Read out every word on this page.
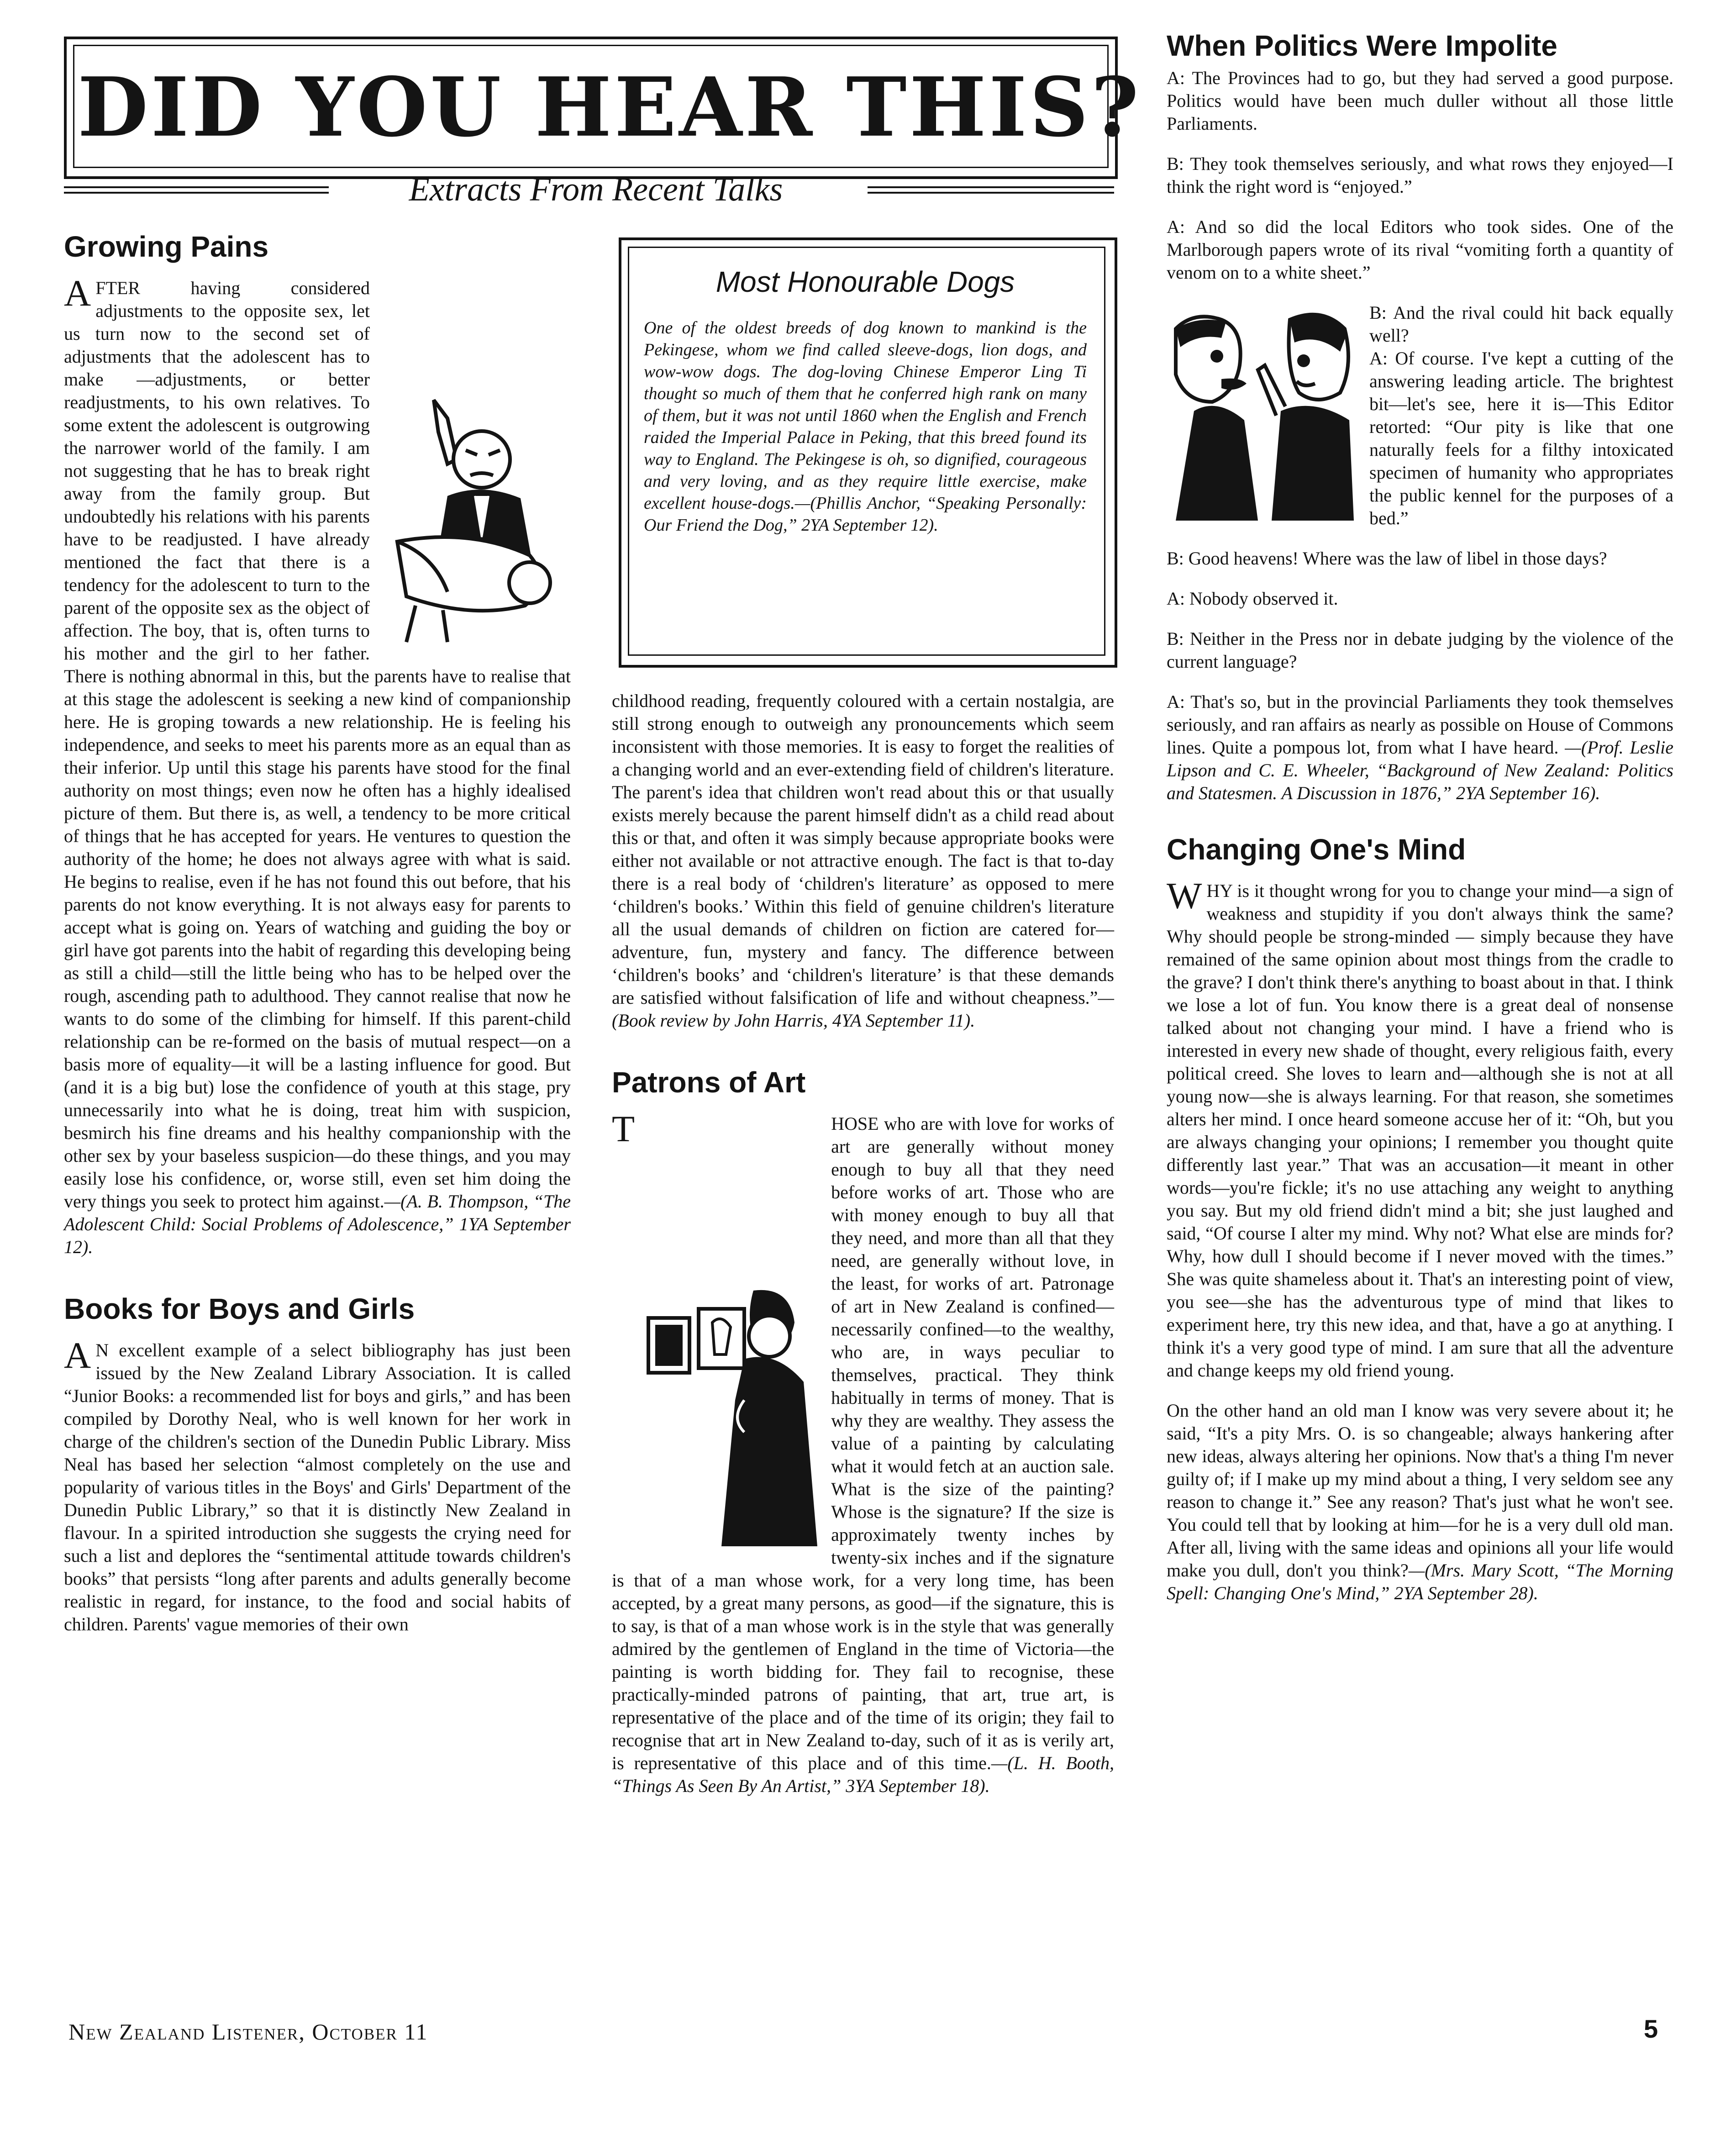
DID YOU HEAR THIS?
Extracts From Recent Talks
Growing Pains

A FTER having considered adjustments to the opposite sex, let us turn now to the second set of adjustments that the adolescent has to make —adjustments, or better readjustments, to his own relatives. To some extent the adolescent is outgrowing the narrower world of the family. I am not suggesting that he has to break right away from the family group. But undoubtedly his relations with his parents have to be readjusted. I have already mentioned the fact that there is a tendency for the adolescent to turn to the parent of the opposite sex as the object of affection. The boy, that is, often turns to his mother and the girl to her father. There is nothing abnormal in this, but the parents have to realise that at this stage the adolescent is seeking a new kind of companionship here. He is groping towards a new relationship. He is feeling his independence, and seeks to meet his parents more as an equal than as their inferior. Up until this stage his parents have stood for the final authority on most things; even now he often has a highly idealised picture of them. But there is, as well, a tendency to be more critical of things that he has accepted for years. He ventures to question the authority of the home; he does not always agree with what is said. He begins to realise, even if he has not found this out before, that his parents do not know everything. It is not always easy for parents to accept what is going on. Years of watching and guiding the boy or girl have got parents into the habit of regarding this developing being as still a child—still the little being who has to be helped over the rough, ascending path to adulthood. They cannot realise that now he wants to do some of the climbing for himself. If this parent-child relationship can be re-formed on the basis of mutual respect—on a basis more of equality—it will be a lasting influence for good. But (and it is a big but) lose the confidence of youth at this stage, pry unnecessarily into what he is doing, treat him with suspicion, besmirch his fine dreams and his healthy companionship with the other sex by your baseless suspicion—do these things, and you may easily lose his confidence, or, worse still, even set him doing the very things you seek to protect him against.—(A. B. Thompson, “The Adolescent Child: Social Problems of Adolescence,” 1YA September 12).

Books for Boys and Girls

A N excellent example of a select bibliography has just been issued by the New Zealand Library Association. It is called “Junior Books: a recommended list for boys and girls,” and has been compiled by Dorothy Neal, who is well known for her work in charge of the children's section of the Dunedin Public Library. Miss Neal has based her selection “almost completely on the use and popularity of various titles in the Boys' and Girls' Department of the Dunedin Public Library,” so that it is distinctly New Zealand in flavour. In a spirited introduction she suggests the crying need for such a list and deplores the “sentimental attitude towards children's books” that persists “long after parents and adults generally become realistic in regard, for instance, to the food and social habits of children. Parents' vague memories of their own

Most Honourable Dogs
One of the oldest breeds of dog known to mankind is the Pekingese, whom we find called sleeve-dogs, lion dogs, and wow-wow dogs. The dog-loving Chinese Emperor Ling Ti thought so much of them that he conferred high rank on many of them, but it was not until 1860 when the English and French raided the Imperial Palace in Peking, that this breed found its way to England. The Pekingese is oh, so dignified, courageous and very loving, and as they require little exercise, make excellent house-dogs.—(Phillis Anchor, “Speaking Personally: Our Friend the Dog,” 2YA September 12).

childhood reading, frequently coloured with a certain nostalgia, are still strong enough to outweigh any pronouncements which seem inconsistent with those memories. It is easy to forget the realities of a changing world and an ever-extending field of children's literature. The parent's idea that children won't read about this or that usually exists merely because the parent himself didn't as a child read about this or that, and often it was simply because appropriate books were either not available or not attractive enough. The fact is that to-day there is a real body of ‘children's literature’ as opposed to mere ‘children's books.’ Within this field of genuine children's literature all the usual demands of children on fiction are catered for—adventure, fun, mystery and fancy. The difference between ‘children's books’ and ‘children's literature’ is that these demands are satisfied without falsification of life and without cheapness.”—(Book review by John Harris, 4YA September 11).

Patrons of Art

T	HOSE who are with love for works of art are generally without money enough to buy all that they need before works of art. Those who are with money enough to buy all that they need, and more than all that they need, are generally without love, in the least, for works of art. Patronage of art in New Zealand is confined—necessarily confined—to the wealthy, who are, in ways peculiar to themselves, practical. They think habitually in terms of money. That is why they are wealthy. They assess the value of a painting by calculating what it would fetch at an auction sale. What is the size of the painting? Whose is the signature? If the size is approximately twenty inches by twenty-six inches and if the signature is that of a man whose work, for a very long time, has been accepted, by a great many persons, as good—if the signature, this is to say, is that of a man whose work is in the style that was generally admired by the gentlemen of England in the time of Victoria—the painting is worth bidding for. They fail to recognise, these practically-minded patrons of painting, that art, true art, is representative of the place and of the time of its origin; they fail to recognise that art in New Zealand to-day, such of it as is verily art, is representative of this place and of this time.—(L. H. Booth, “Things As Seen By An Artist,” 3YA September 18).

When Politics Were Impolite

A: The Provinces had to go, but they had served a good purpose. Politics would have been much duller without all those little Parliaments.

B: They took themselves seriously, and what rows they enjoyed—I think the right word is “enjoyed.”

A: And so did the local Editors who took sides. One of the Marlborough papers wrote of its rival “vomiting forth a quantity of venom on to a white sheet.”

B: And the rival could hit back equally well?

A: Of course. I've kept a cutting of the answering leading article. The brightest bit—let's see, here it is—This Editor retorted: “Our pity is like that one naturally feels for a filthy intoxicated specimen of humanity who appropriates the public kennel for the purposes of a bed.”

B: Good heavens! Where was the law of libel in those days?

A: Nobody observed it.

B: Neither in the Press nor in debate judging by the violence of the current language?

A: That's so, but in the provincial Parliaments they took themselves seriously, and ran affairs as nearly as possible on House of Commons lines. Quite a pompous lot, from what I have heard. —(Prof. Leslie Lipson and C. E. Wheeler, “Background of New Zealand: Politics and Statesmen. A Discussion in 1876,” 2YA September 16).

Changing One's Mind

WHY is it thought wrong for you to change your mind—a sign of weakness and stupidity if you don't always think the same? Why should people be strong-minded — simply because they have remained of the same opinion about most things from the cradle to the grave? I don't think there's anything to boast about in that. I think we lose a lot of fun. You know there is a great deal of nonsense talked about not changing your mind. I have a friend who is interested in every new shade of thought, every religious faith, every political creed. She loves to learn and—although she is not at all young now—she is always learning. For that reason, she sometimes alters her mind. I once heard someone accuse her of it: “Oh, but you are always changing your opinions; I remember you thought quite differently last year.” That was an accusation—it meant in other words—you're fickle; it's no use attaching any weight to anything you say. But my old friend didn't mind a bit; she just laughed and said, “Of course I alter my mind. Why not? What else are minds for? Why, how dull I should become if I never moved with the times.” She was quite shameless about it. That's an interesting point of view, you see—she has the adventurous type of mind that likes to experiment here, try this new idea, and that, have a go at anything. I think it's a very good type of mind. I am sure that all the adventure and change keeps my old friend young.

On the other hand an old man I know was very severe about it; he said, “It's a pity Mrs. O. is so changeable; always hankering after new ideas, always altering her opinions. Now that's a thing I'm never guilty of; if I make up my mind about a thing, I very seldom see any reason to change it.” See any reason? That's just what he won't see. You could tell that by looking at him—for he is a very dull old man. After all, living with the same ideas and opinions all your life would make you dull, don't you think?—(Mrs. Mary Scott, “The Morning Spell: Changing One's Mind,” 2YA September 28).

New Zealand Listener, October 11	5
